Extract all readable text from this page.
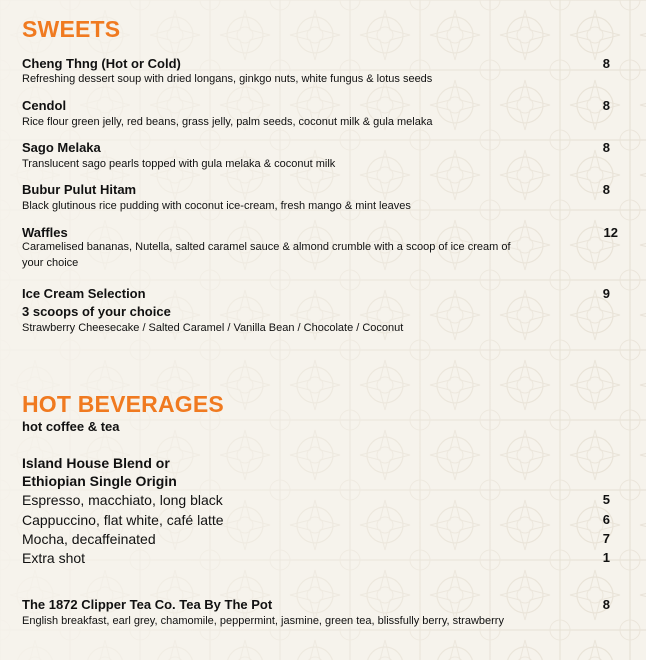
SWEETS
Cheng Thng (Hot or Cold)	8
Refreshing dessert soup with dried longans, ginkgo nuts, white fungus & lotus seeds
Cendol	8
Rice flour green jelly, red beans, grass jelly, palm seeds, coconut milk & gula melaka
Sago Melaka	8
Translucent sago pearls topped with gula melaka & coconut milk
Bubur Pulut Hitam	8
Black glutinous rice pudding with coconut ice-cream, fresh mango & mint leaves
Waffles	12
Caramelised bananas, Nutella, salted caramel sauce & almond crumble with a scoop of ice cream of your choice
Ice Cream Selection	9
3 scoops of your choice
Strawberry Cheesecake / Salted Caramel / Vanilla Bean / Chocolate / Coconut
HOT BEVERAGES
hot coffee & tea
Island House Blend or
Ethiopian Single Origin
Espresso, macchiato, long black	5
Cappuccino, flat white, café latte	6
Mocha, decaffeinated	7
Extra shot	1
The 1872 Clipper Tea Co. Tea By The Pot	8
English breakfast, earl grey, chamomile, peppermint, jasmine, green tea, blissfully berry, strawberry
